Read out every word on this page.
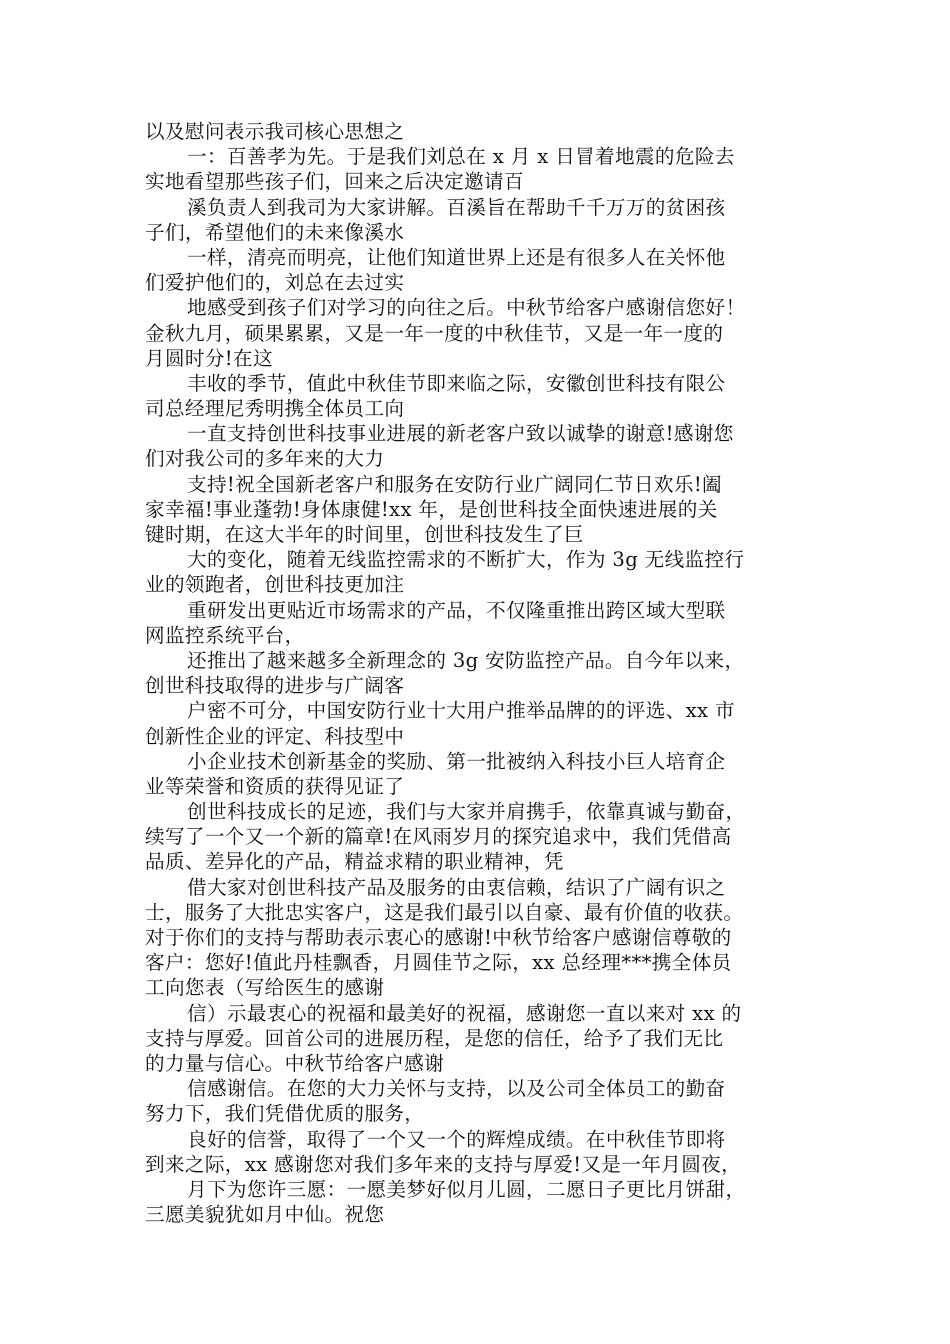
以及慰问表示我司核心思想之
一：百善孝为先。于是我们刘总在 x 月 x 日冒着地震的危险去
实地看望那些孩子们，回来之后决定邀请百
溪负责人到我司为大家讲解。百溪旨在帮助千千万万的贫困孩
子们，希望他们的未来像溪水
一样，清亮而明亮，让他们知道世界上还是有很多人在关怀他
们爱护他们的，刘总在去过实
地感受到孩子们对学习的向往之后。中秋节给客户感谢信您好！
金秋九月，硕果累累，又是一年一度的中秋佳节，又是一年一度的
月圆时分!在这
丰收的季节，值此中秋佳节即来临之际，安徽创世科技有限公
司总经理尼秀明携全体员工向
一直支持创世科技事业进展的新老客户致以诚挚的谢意!感谢您
们对我公司的多年来的大力
支持!祝全国新老客户和服务在安防行业广阔同仁节日欢乐!阖
家幸福!事业蓬勃!身体康健!xx 年，是创世科技全面快速进展的关
键时期，在这大半年的时间里，创世科技发生了巨
大的变化，随着无线监控需求的不断扩大，作为 3g 无线监控行
业的领跑者，创世科技更加注
重研发出更贴近市场需求的产品，不仅隆重推出跨区域大型联
网监控系统平台，
还推出了越来越多全新理念的 3g 安防监控产品。自今年以来，
创世科技取得的进步与广阔客
户密不可分，中国安防行业十大用户推举品牌的的评选、xx 市
创新性企业的评定、科技型中
小企业技术创新基金的奖励、第一批被纳入科技小巨人培育企
业等荣誉和资质的获得见证了
创世科技成长的足迹，我们与大家并肩携手，依靠真诚与勤奋，
续写了一个又一个新的篇章!在风雨岁月的探究追求中，我们凭借高
品质、差异化的产品，精益求精的职业精神，凭
借大家对创世科技产品及服务的由衷信赖，结识了广阔有识之
士，服务了大批忠实客户，这是我们最引以自豪、最有价值的收获。
对于你们的支持与帮助表示衷心的感谢!中秋节给客户感谢信尊敬的
客户：您好!值此丹桂飘香，月圆佳节之际，xx 总经理***携全体员
工向您表（写给医生的感谢
信）示最衷心的祝福和最美好的祝福，感谢您一直以来对 xx 的
支持与厚爱。回首公司的进展历程，是您的信任，给予了我们无比
的力量与信心。中秋节给客户感谢
信感谢信。在您的大力关怀与支持，以及公司全体员工的勤奋
努力下，我们凭借优质的服务，
良好的信誉，取得了一个又一个的辉煌成绩。在中秋佳节即将
到来之际，xx 感谢您对我们多年来的支持与厚爱!又是一年月圆夜，
月下为您许三愿：一愿美梦好似月儿圆，二愿日子更比月饼甜，
三愿美貌犹如月中仙。祝您
